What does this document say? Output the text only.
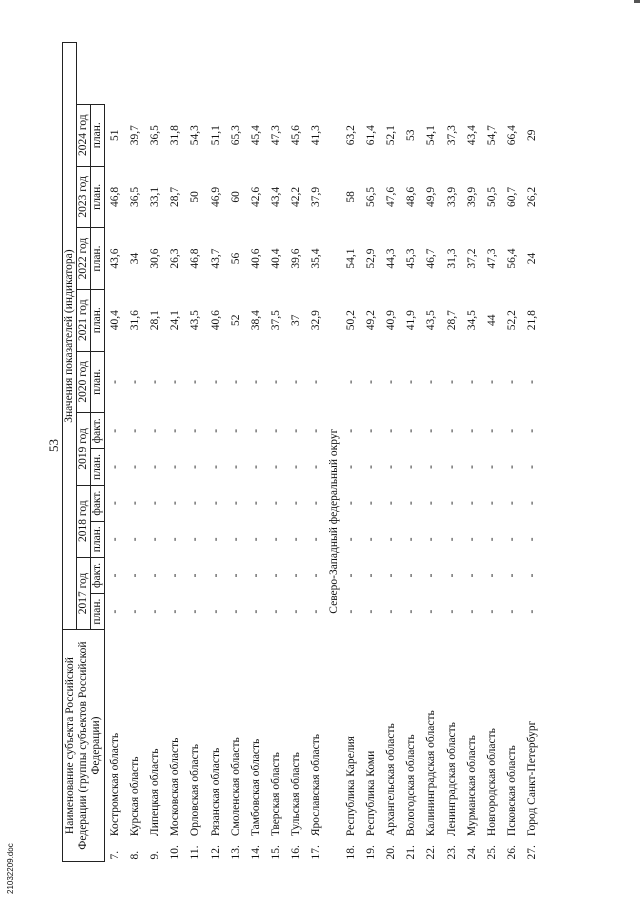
53
21032209.doc
Наименование субъекта Российской Федерации (группы субъектов Российской Федерации)		Значения показателей (индикатора)										
		2017 год		2018 год		2019 год		2020 год	2021 год	2022 год	2023 год	2024 год
		план.	факт.	план.	факт.	план.	факт.	план.	план.	план.	план.	план.
7.	Костромская область	-	-	-	-	-	-	-	40,4	43,6	46,8	51
8.	Курская область	-	-	-	-	-	-	-	31,6	34	36,5	39,7
9.	Липецкая область	-	-	-	-	-	-	-	28,1	30,6	33,1	36,5
10.	Московская область	-	-	-	-	-	-	-	24,1	26,3	28,7	31,8
11.	Орловская область	-	-	-	-	-	-	-	43,5	46,8	50	54,3
12.	Рязанская область	-	-	-	-	-	-	-	40,6	43,7	46,9	51,1
13.	Смоленская область	-	-	-	-	-	-	-	52	56	60	65,3
14.	Тамбовская область	-	-	-	-	-	-	-	38,4	40,6	42,6	45,4
15.	Тверская область	-	-	-	-	-	-	-	37,5	40,4	43,4	47,3
16.	Тульская область	-	-	-	-	-	-	-	37	39,6	42,2	45,6
17.	Ярославская область	-	-	-	-	-	-	-	32,9	35,4	37,9	41,3
		Северо-Западный федеральный округ										
18.	Республика Карелия	-	-	-	-	-	-	-	50,2	54,1	58	63,2
19.	Республика Коми	-	-	-	-	-	-	-	49,2	52,9	56,5	61,4
20.	Архангельская область	-	-	-	-	-	-	-	40,9	44,3	47,6	52,1
21.	Вологодская область	-	-	-	-	-	-	-	41,9	45,3	48,6	53
22.	Калининградская область	-	-	-	-	-	-	-	43,5	46,7	49,9	54,1
23.	Ленинградская область	-	-	-	-	-	-	-	28,7	31,3	33,9	37,3
24.	Мурманская область	-	-	-	-	-	-	-	34,5	37,2	39,9	43,4
25.	Новгородская область	-	-	-	-	-	-	-	44	47,3	50,5	54,7
26.	Псковская область	-	-	-	-	-	-	-	52,2	56,4	60,7	66,4
27.	Город Санкт-Петербург	-	-	-	-	-	-	-	21,8	24	26,2	29
